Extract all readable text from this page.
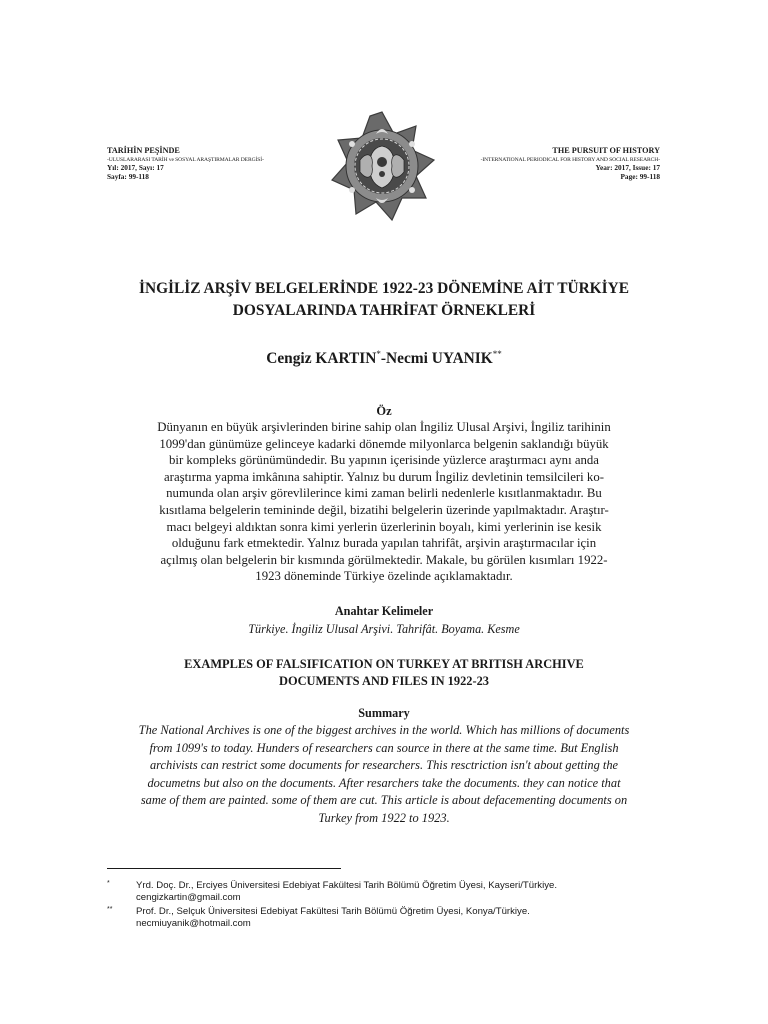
TARİHİN PEŞİNDE
-ULUSLARARASI TARİH ve SOSYAL ARAŞTIRMALAR DERGİSİ-
Yıl: 2017, Sayı: 17
Sayfa: 99-118
THE PURSUIT OF HISTORY
-INTERNATIONAL PERIODICAL FOR HISTORY AND SOCIAL RESEARCH-
Year: 2017, Issue: 17
Page: 99-118
İNGİLİZ ARŞİV BELGELERİNDE 1922-23 DÖNEMİNE AİT TÜRKİYE
DOSYALARINDA TAHRİFAT ÖRNEKLERİ
Cengiz KARTIN*-Necmi UYANIK**
Öz
Dünyanın en büyük arşivlerinden birine sahip olan İngiliz Ulusal Arşivi, İngiliz tarihinin
1099'dan günümüze gelinceye kadarki dönemde milyonlarca belgenin saklandığı büyük
bir kompleks görünümündedir. Bu yapının içerisinde yüzlerce araştırmacı aynı anda
araştırma yapma imkânına sahiptir. Yalnız bu durum İngiliz devletinin temsilcileri ko-
numunda olan arşiv görevlilerince kimi zaman belirli nedenlerle kısıtlanmaktadır. Bu
kısıtlama belgelerin temininde değil, bizatihi belgelerin üzerinde yapılmaktadır. Araştır-
macı belgeyi aldıktan sonra kimi yerlerin üzerlerinin boyalı, kimi yerlerinin ise kesik
olduğunu fark etmektedir. Yalnız burada yapılan tahrifât, arşivin araştırmacılar için
açılmış olan belgelerin bir kısmında görülmektedir. Makale, bu görülen kısımları 1922-
1923 döneminde Türkiye özelinde açıklamaktadır.
Anahtar Kelimeler
Türkiye. İngiliz Ulusal Arşivi. Tahrifât. Boyama. Kesme
EXAMPLES OF FALSIFICATION ON TURKEY AT BRITISH ARCHIVE
DOCUMENTS AND FILES IN 1922-23
Summary
The National Archives is one of the biggest archives in the world. Which has millions of documents
from 1099's to today. Hunders of researchers can source in there at the same time. But English
archivists can restrict some documents for researchers. This resctriction isn't about getting the
documetns but also on the documents. After resarchers take the documents. they can notice that
same of them are painted. some of them are cut. This article is about defacementing documents on
Turkey from 1922 to 1923.
*	Yrd. Doç. Dr., Erciyes Üniversitesi Edebiyat Fakültesi Tarih Bölümü Öğretim Üyesi, Kayseri/Türkiye.
cengizkartin@gmail.com
** Prof. Dr., Selçuk Üniversitesi Edebiyat Fakültesi Tarih Bölümü Öğretim Üyesi, Konya/Türkiye.
necmiuyanik@hotmail.com
